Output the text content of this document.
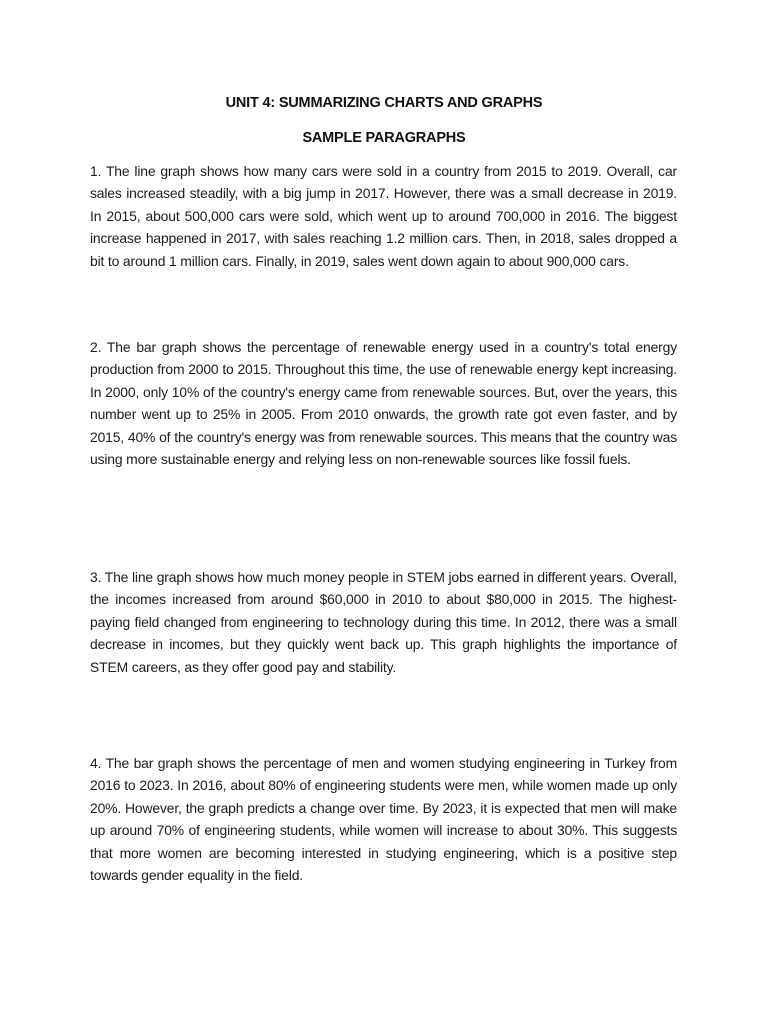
UNIT 4: SUMMARIZING CHARTS AND GRAPHS
SAMPLE PARAGRAPHS

1. The line graph shows how many cars were sold in a country from 2015 to 2019. Overall, car sales increased steadily, with a big jump in 2017. However, there was a small decrease in 2019. In 2015, about 500,000 cars were sold, which went up to around 700,000 in 2016. The biggest increase happened in 2017, with sales reaching 1.2 million cars. Then, in 2018, sales dropped a bit to around 1 million cars. Finally, in 2019, sales went down again to about 900,000 cars.

2. The bar graph shows the percentage of renewable energy used in a country's total energy production from 2000 to 2015. Throughout this time, the use of renewable energy kept increasing. In 2000, only 10% of the country's energy came from renewable sources. But, over the years, this number went up to 25% in 2005. From 2010 onwards, the growth rate got even faster, and by 2015, 40% of the country's energy was from renewable sources. This means that the country was using more sustainable energy and relying less on non-renewable sources like fossil fuels.

3. The line graph shows how much money people in STEM jobs earned in different years. Overall, the incomes increased from around $60,000 in 2010 to about $80,000 in 2015. The highest-paying field changed from engineering to technology during this time. In 2012, there was a small decrease in incomes, but they quickly went back up. This graph highlights the importance of STEM careers, as they offer good pay and stability.

4. The bar graph shows the percentage of men and women studying engineering in Turkey from 2016 to 2023. In 2016, about 80% of engineering students were men, while women made up only 20%. However, the graph predicts a change over time. By 2023, it is expected that men will make up around 70% of engineering students, while women will increase to about 30%. This suggests that more women are becoming interested in studying engineering, which is a positive step towards gender equality in the field.
